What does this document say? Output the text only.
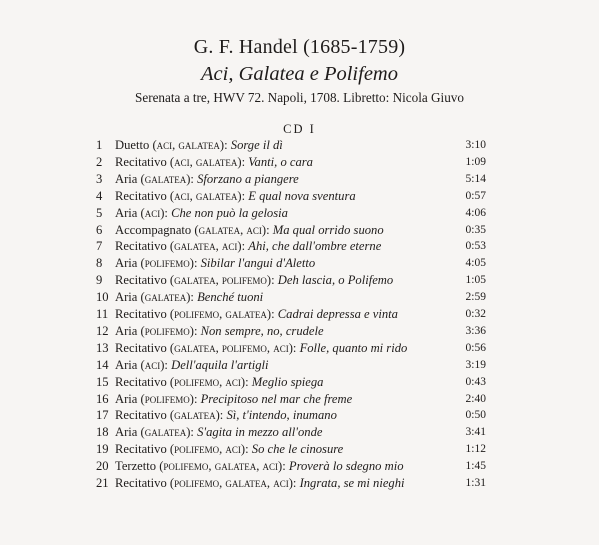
G. F. Handel (1685-1759)
Aci, Galatea e Polifemo
Serenata a tre, HWV 72. Napoli, 1708. Libretto: Nicola Giuvo
CD I
1	Duetto (aci, galatea): Sorge il dì	3:10
2	Recitativo (aci, galatea): Vanti, o cara	1:09
3	Aria (galatea): Sforzano a piangere	5:14
4	Recitativo (aci, galatea): E qual nova sventura	0:57
5	Aria (aci): Che non può la gelosia	4:06
6	Accompagnato (galatea, aci): Ma qual orrido suono	0:35
7	Recitativo (galatea, aci): Ahi, che dall'ombre eterne	0:53
8	Aria (polifemo): Sibilar l'angui d'Aletto	4:05
9	Recitativo (galatea, polifemo): Deh lascia, o Polifemo	1:05
10 Aria (galatea): Benché tuoni	2:59
11 Recitativo (polifemo, galatea): Cadrai depressa e vinta	0:32
12 Aria (polifemo): Non sempre, no, crudele	3:36
13 Recitativo (galatea, polifemo, aci): Folle, quanto mi rido	0:56
14 Aria (aci): Dell'aquila l'artigli	3:19
15 Recitativo (polifemo, aci): Meglio spiega	0:43
16 Aria (polifemo): Precipitoso nel mar che freme	2:40
17 Recitativo (galatea): Sì, t'intendo, inumano	0:50
18 Aria (galatea): S'agita in mezzo all'onde	3:41
19 Recitativo (polifemo, aci): So che le cinosure	1:12
20 Terzetto (polifemo, galatea, aci): Proverà lo sdegno mio	1:45
21 Recitativo (polifemo, galatea, aci): Ingrata, se mi nieghi	1:31
